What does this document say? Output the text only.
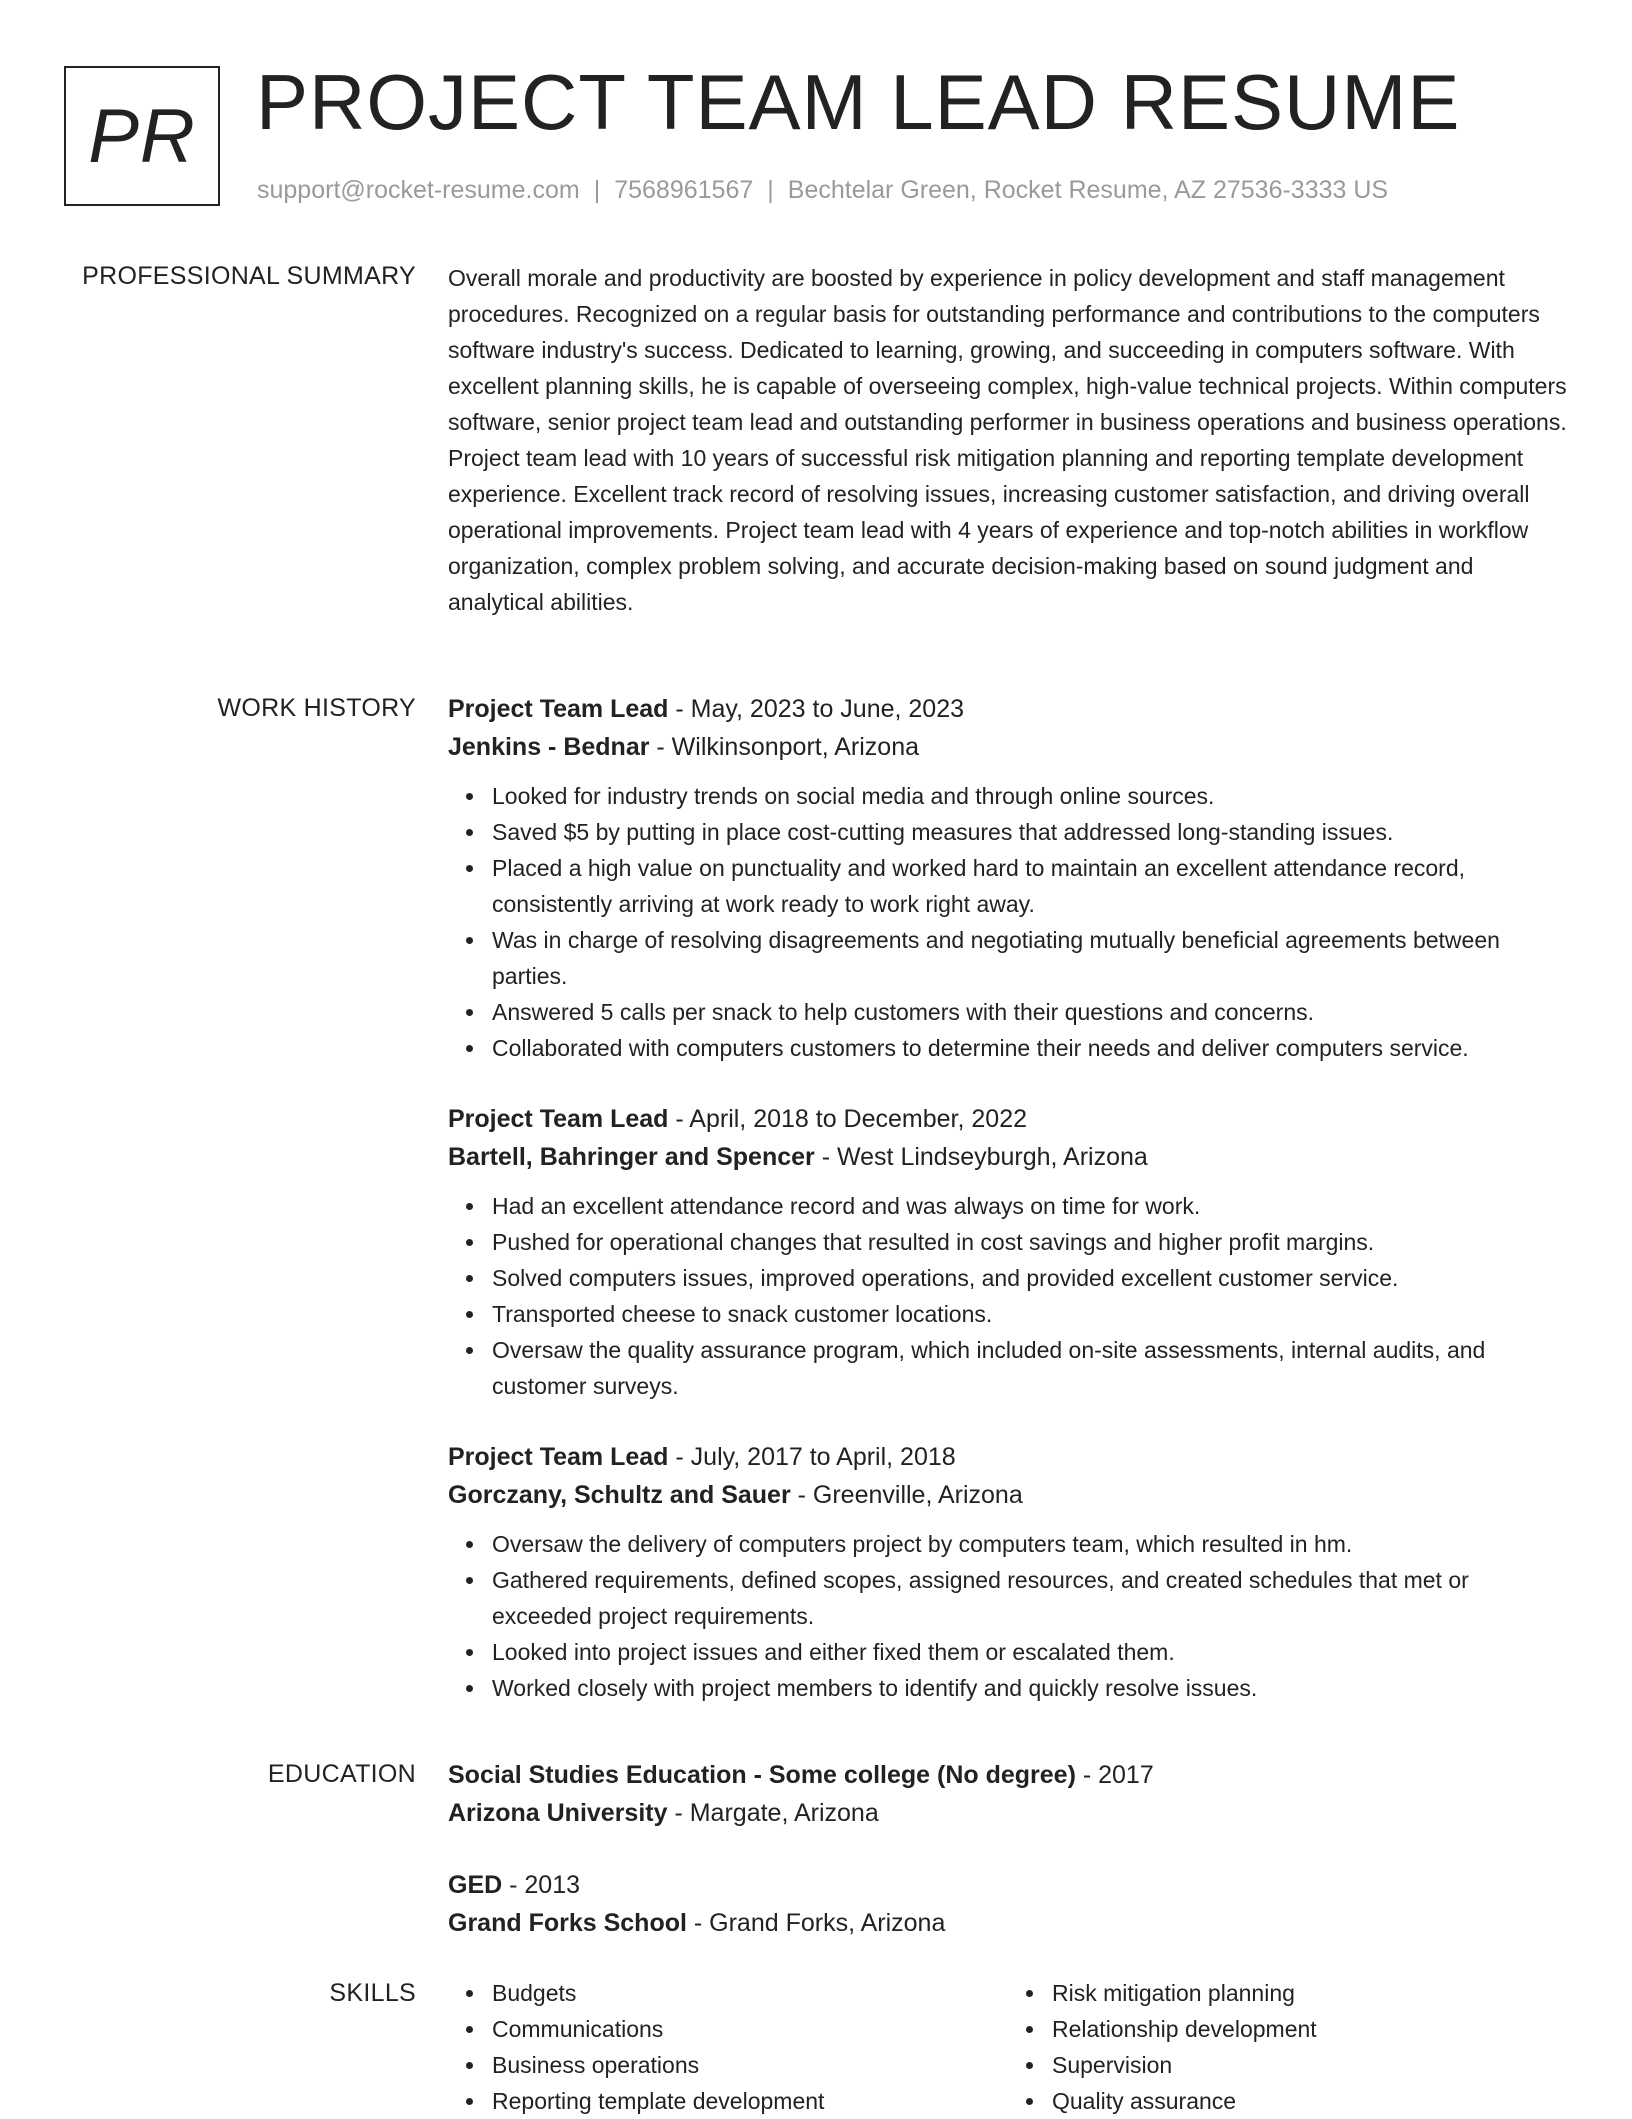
PR PROJECT TEAM LEAD RESUME
support@rocket-resume.com | 7568961567 | Bechtelar Green, Rocket Resume, AZ 27536-3333 US
PROFESSIONAL SUMMARY Overall morale and productivity are boosted by experience in policy development and staff management procedures. Recognized on a regular basis for outstanding performance and contributions to the computers software industry's success. Dedicated to learning, growing, and succeeding in computers software. With excellent planning skills, he is capable of overseeing complex, high-value technical projects. Within computers software, senior project team lead and outstanding performer in business operations and business operations. Project team lead with 10 years of successful risk mitigation planning and reporting template development experience. Excellent track record of resolving issues, increasing customer satisfaction, and driving overall operational improvements. Project team lead with 4 years of experience and top-notch abilities in workflow organization, complex problem solving, and accurate decision-making based on sound judgment and analytical abilities.

WORK HISTORY Project Team Lead - May, 2023 to June, 2023
Jenkins - Bednar - Wilkinsonport, Arizona
Looked for industry trends on social media and through online sources.
Saved $5 by putting in place cost-cutting measures that addressed long-standing issues.
Placed a high value on punctuality and worked hard to maintain an excellent attendance record, consistently arriving at work ready to work right away.
Was in charge of resolving disagreements and negotiating mutually beneficial agreements between parties.
Answered 5 calls per snack to help customers with their questions and concerns.
Collaborated with computers customers to determine their needs and deliver computers service.
Project Team Lead - April, 2018 to December, 2022
Bartell, Bahringer and Spencer - West Lindseyburgh, Arizona
Had an excellent attendance record and was always on time for work.
Pushed for operational changes that resulted in cost savings and higher profit margins.
Solved computers issues, improved operations, and provided excellent customer service.
Transported cheese to snack customer locations.
Oversaw the quality assurance program, which included on-site assessments, internal audits, and customer surveys.
Project Team Lead - July, 2017 to April, 2018
Gorczany, Schultz and Sauer - Greenville, Arizona
Oversaw the delivery of computers project by computers team, which resulted in hm.
Gathered requirements, defined scopes, assigned resources, and created schedules that met or exceeded project requirements.
Looked into project issues and either fixed them or escalated them.
Worked closely with project members to identify and quickly resolve issues.
EDUCATION Social Studies Education - Some college (No degree) - 2017
Arizona University - Margate, Arizona
GED - 2013
Grand Forks School - Grand Forks, Arizona
SKILLS	Budgets
Communications
Business operations
Reporting template development
Risk mitigation planning
Relationship development
Supervision
Quality assurance
